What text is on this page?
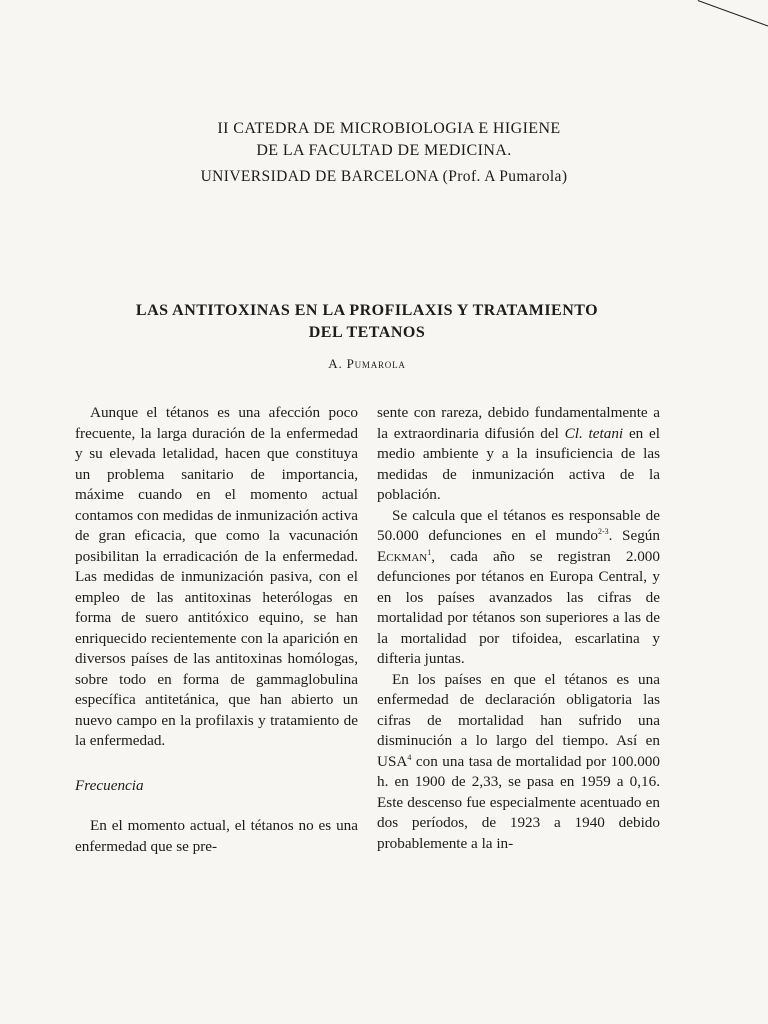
II CATEDRA DE MICROBIOLOGIA E HIGIENE
DE LA FACULTAD DE MEDICINA.
UNIVERSIDAD DE BARCELONA (Prof. A Pumarola)
LAS ANTITOXINAS EN LA PROFILAXIS Y TRATAMIENTO
DEL TETANOS
A. Pumarola

Aunque el tétanos es una afección poco frecuente, la larga duración de la enfermedad y su elevada letalidad, hacen que constituya un problema sanitario de importancia, máxime cuando en el momento actual contamos con medidas de inmunización activa de gran eficacia, que como la vacunación posibilitan la erradicación de la enfermedad. Las medidas de inmunización pasiva, con el empleo de las antitoxinas heterólogas en forma de suero antitóxico equino, se han enriquecido recientemente con la aparición en diversos países de las antitoxinas homólogas, sobre todo en forma de gammaglobulina específica antitetánica, que han abierto un nuevo campo en la profilaxis y tratamiento de la enfermedad.

Frecuencia

En el momento actual, el tétanos no es una enfermedad que se pre-

sente con rareza, debido fundamentalmente a la extraordinaria difusión del Cl. tetani en el medio ambiente y a la insuficiencia de las medidas de inmunización activa de la población.

Se calcula que el tétanos es responsable de 50.000 defunciones en el mundo$^{2-3}$. Según Eckman$^1$, cada año se registran 2.000 defunciones por tétanos en Europa Central, y en los países avanzados las cifras de mortalidad por tétanos son superiores a las de la mortalidad por tifoidea, escarlatina y difteria juntas.

En los países en que el tétanos es una enfermedad de declaración obligatoria las cifras de mortalidad han sufrido una disminución a lo largo del tiempo. Así en USA$^4$ con una tasa de mortalidad por 100.000 h. en 1900 de 2,33, se pasa en 1959 a 0,16. Este descenso fue especialmente acentuado en dos períodos, de 1923 a 1940 debido probablemente a la in-
